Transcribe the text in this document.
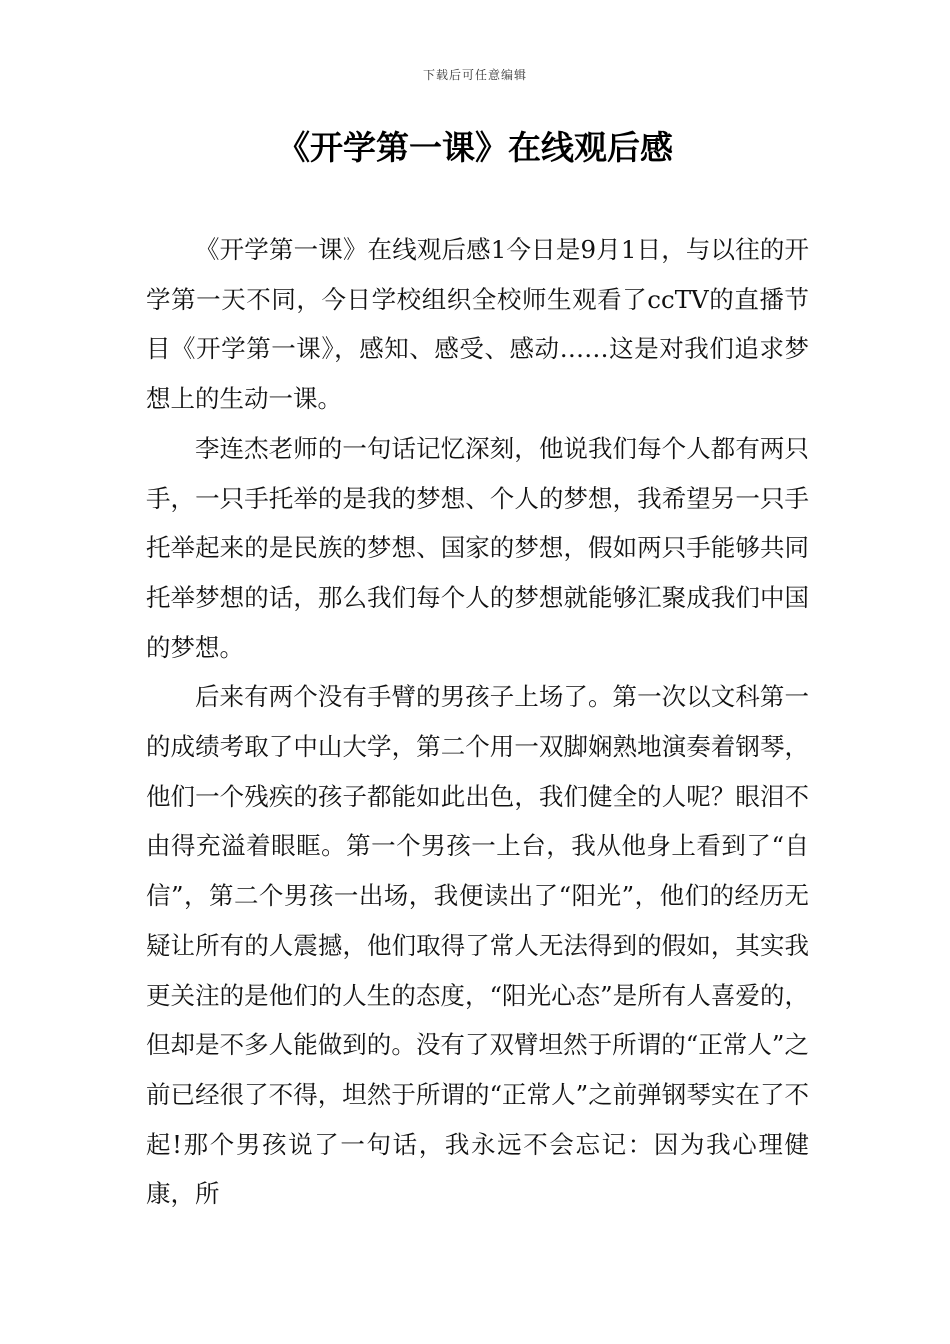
下载后可任意编辑
《开学第一课》在线观后感

《开学第一课》在线观后感1今日是9月1日，与以往的开学第一天不同，今日学校组织全校师生观看了ccTV的直播节目《开学第一课》，感知、感受、感动……这是对我们追求梦想上的生动一课。

李连杰老师的一句话记忆深刻，他说我们每个人都有两只手，一只手托举的是我的梦想、个人的梦想，我希望另一只手托举起来的是民族的梦想、国家的梦想，假如两只手能够共同托举梦想的话，那么我们每个人的梦想就能够汇聚成我们中国的梦想。

后来有两个没有手臂的男孩子上场了。第一次以文科第一的成绩考取了中山大学，第二个用一双脚娴熟地演奏着钢琴，他们一个残疾的孩子都能如此出色，我们健全的人呢？眼泪不由得充溢着眼眶。第一个男孩一上台，我从他身上看到了“自信”，第二个男孩一出场，我便读出了“阳光”，他们的经历无疑让所有的人震撼，他们取得了常人无法得到的假如，其实我更关注的是他们的人生的态度，“阳光心态”是所有人喜爱的，但却是不多人能做到的。没有了双臂坦然于所谓的“正常人”之前已经很了不得，坦然于所谓的“正常人”之前弹钢琴实在了不起!那个男孩说了一句话，我永远不会忘记：因为我心理健康，所
